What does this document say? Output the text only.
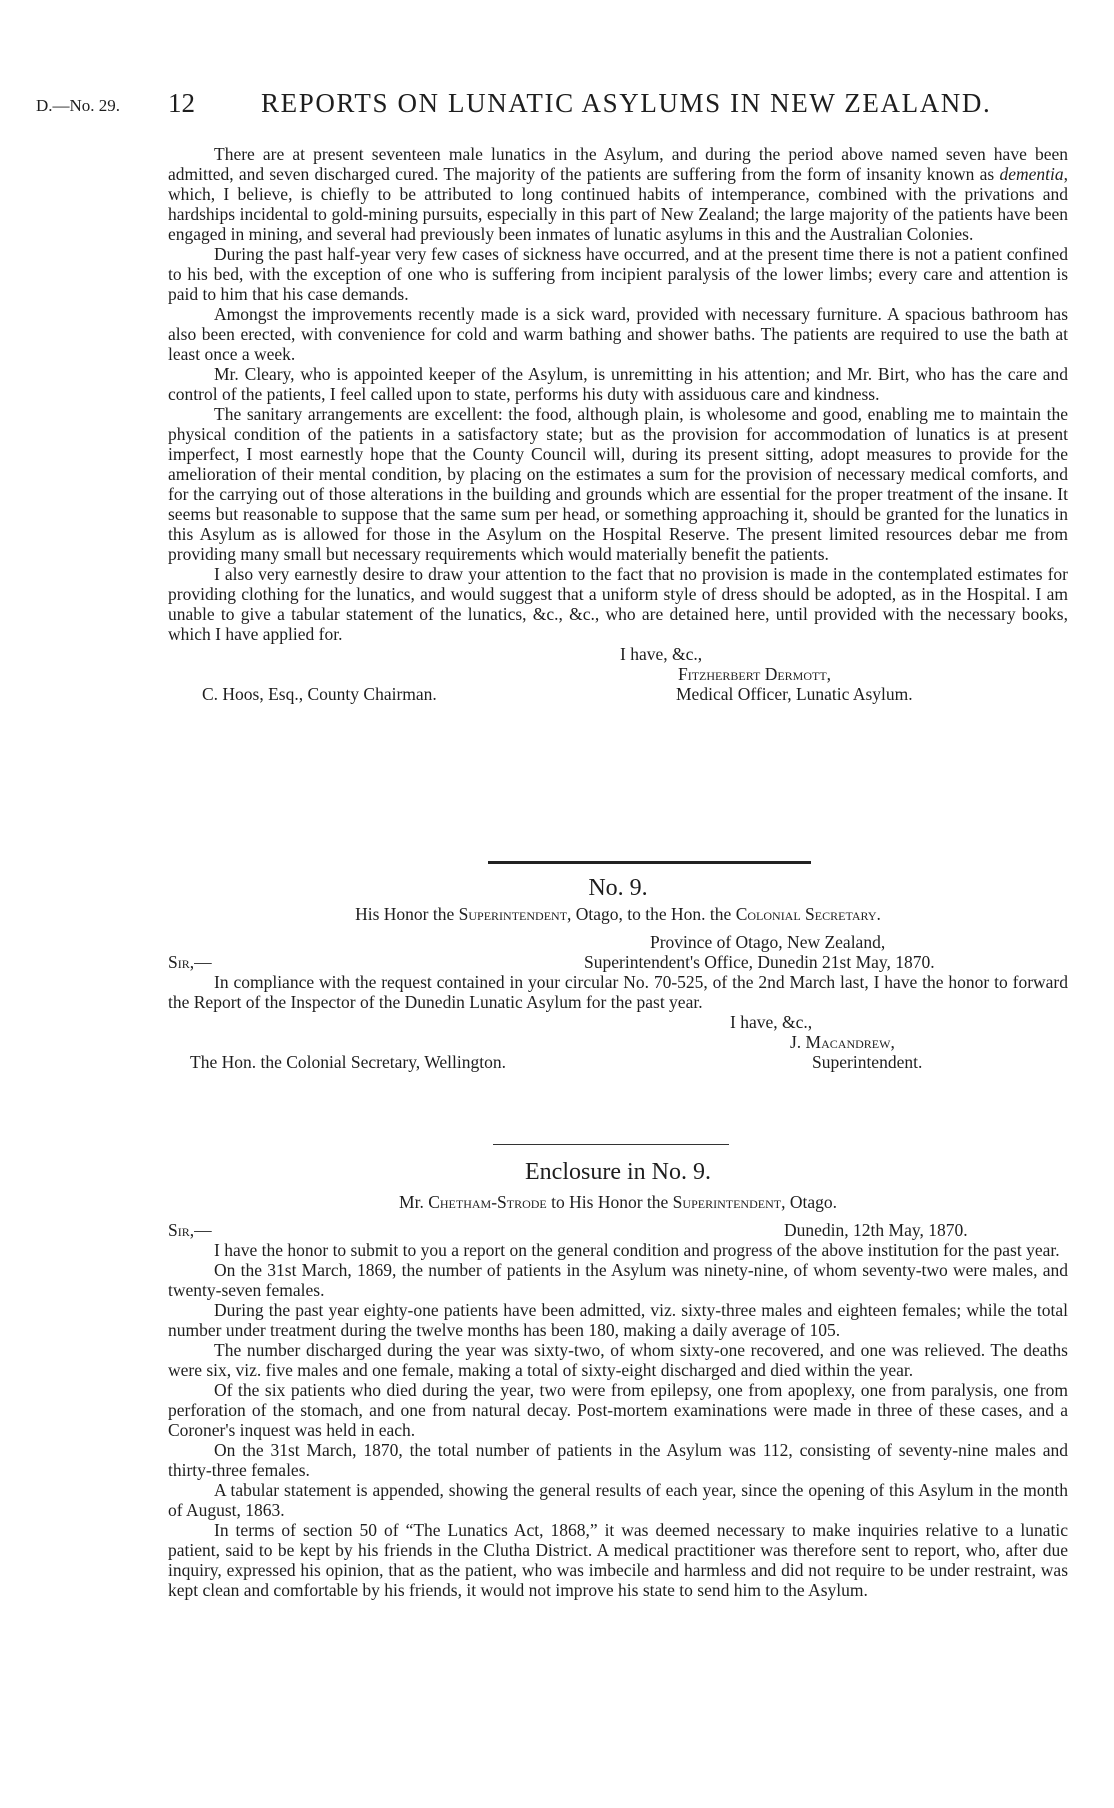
D.—No. 29. 12 REPORTS ON LUNATIC ASYLUMS IN NEW ZEALAND.

There are at present seventeen male lunatics in the Asylum, and during the period above named seven have been admitted, and seven discharged cured. The majority of the patients are suffering from the form of insanity known as dementia, which, I believe, is chiefly to be attributed to long continued habits of intemperance, combined with the privations and hardships incidental to gold-mining pursuits, especially in this part of New Zealand; the large majority of the patients have been engaged in mining, and several had previously been inmates of lunatic asylums in this and the Australian Colonies.

During the past half-year very few cases of sickness have occurred, and at the present time there is not a patient confined to his bed, with the exception of one who is suffering from incipient paralysis of the lower limbs; every care and attention is paid to him that his case demands.

Amongst the improvements recently made is a sick ward, provided with necessary furniture. A spacious bathroom has also been erected, with convenience for cold and warm bathing and shower baths. The patients are required to use the bath at least once a week.

Mr. Cleary, who is appointed keeper of the Asylum, is unremitting in his attention; and Mr. Birt, who has the care and control of the patients, I feel called upon to state, performs his duty with assiduous care and kindness.

The sanitary arrangements are excellent: the food, although plain, is wholesome and good, enabling me to maintain the physical condition of the patients in a satisfactory state; but as the provision for accommodation of lunatics is at present imperfect, I most earnestly hope that the County Council will, during its present sitting, adopt measures to provide for the amelioration of their mental condition, by placing on the estimates a sum for the provision of necessary medical comforts, and for the carrying out of those alterations in the building and grounds which are essential for the proper treatment of the insane. It seems but reasonable to suppose that the same sum per head, or something approaching it, should be granted for the lunatics in this Asylum as is allowed for those in the Asylum on the Hospital Reserve. The present limited resources debar me from providing many small but necessary requirements which would materially benefit the patients.

I also very earnestly desire to draw your attention to the fact that no provision is made in the contemplated estimates for providing clothing for the lunatics, and would suggest that a uniform style of dress should be adopted, as in the Hospital. I am unable to give a tabular statement of the lunatics, &c., &c., who are detained here, until provided with the necessary books, which I have applied for.

I have, &c.,
Fitzherbert Dermott,
C. Hoos, Esq., County Chairman.	Medical Officer, Lunatic Asylum.
No. 9.
His Honor the Superintendent, Otago, to the Hon. the Colonial Secretary.
Province of Otago, New Zealand,
Sir,—	Superintendent's Office, Dunedin 21st May, 1870.

In compliance with the request contained in your circular No. 70-525, of the 2nd March last, I have the honor to forward the Report of the Inspector of the Dunedin Lunatic Asylum for the past year.

I have, &c.,
J. Macandrew,
The Hon. the Colonial Secretary, Wellington.	Superintendent.
Enclosure in No. 9.
Mr. Chetham-Strode to His Honor the Superintendent, Otago.
Sir,—	Dunedin, 12th May, 1870.

I have the honor to submit to you a report on the general condition and progress of the above institution for the past year.

On the 31st March, 1869, the number of patients in the Asylum was ninety-nine, of whom seventy-two were males, and twenty-seven females.

During the past year eighty-one patients have been admitted, viz. sixty-three males and eighteen females; while the total number under treatment during the twelve months has been 180, making a daily average of 105.

The number discharged during the year was sixty-two, of whom sixty-one recovered, and one was relieved. The deaths were six, viz. five males and one female, making a total of sixty-eight discharged and died within the year.

Of the six patients who died during the year, two were from epilepsy, one from apoplexy, one from paralysis, one from perforation of the stomach, and one from natural decay. Post-mortem examinations were made in three of these cases, and a Coroner's inquest was held in each.

On the 31st March, 1870, the total number of patients in the Asylum was 112, consisting of seventy-nine males and thirty-three females.

A tabular statement is appended, showing the general results of each year, since the opening of this Asylum in the month of August, 1863.

In terms of section 50 of “The Lunatics Act, 1868,” it was deemed necessary to make inquiries relative to a lunatic patient, said to be kept by his friends in the Clutha District. A medical practitioner was therefore sent to report, who, after due inquiry, expressed his opinion, that as the patient, who was imbecile and harmless and did not require to be under restraint, was kept clean and comfortable by his friends, it would not improve his state to send him to the Asylum.
